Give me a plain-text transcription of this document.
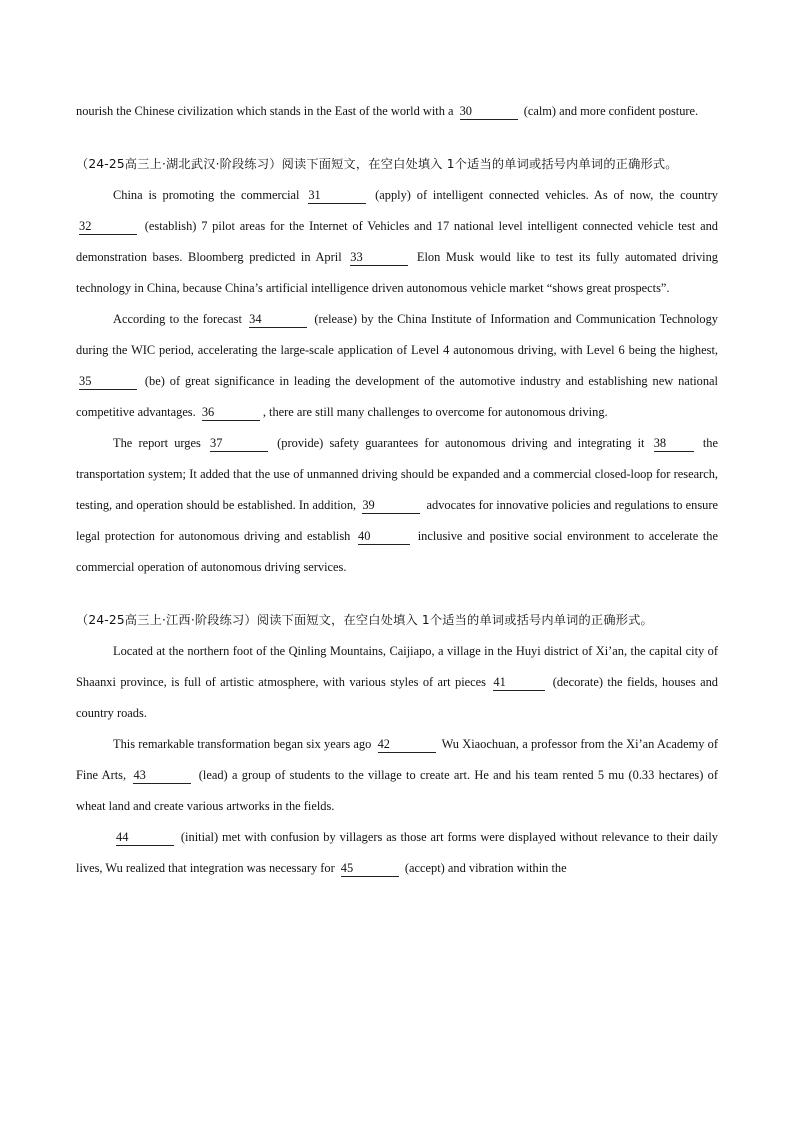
nourish the Chinese civilization which stands in the East of the world with a 30	(calm) and more confident posture.

（24-25高三上·湖北武汉·阶段练习）阅读下面短文，在空白处填入 1个适当的单词或括号内单词的正确形式。

China is promoting the commercial 31	(apply) of intelligent connected vehicles. As of now, the country 32	(establish) 7 pilot areas for the Internet of Vehicles and 17 national level intelligent connected vehicle test and demonstration bases. Bloomberg predicted in April 33	Elon Musk would like to test its fully automated driving technology in China, because China’s artificial intelligence driven autonomous vehicle market “shows great prospects”.

According to the forecast 34	(release) by the China Institute of Information and Communication Technology during the WIC period, accelerating the large-scale application of Level 4 autonomous driving, with Level 6 being the highest, 35	(be) of great significance in leading the development of the automotive industry and establishing new national competitive advantages. 36	, there are still many challenges to overcome for autonomous driving.

The report urges 37	(provide) safety guarantees for autonomous driving and integrating it 38 the transportation system; It added that the use of unmanned driving should be expanded and a commercial closed-loop for research, testing, and operation should be established. In addition, 39	advocates for innovative policies and regulations to ensure legal protection for autonomous driving and establish 40	inclusive and positive social environment to accelerate the commercial operation of autonomous driving services.

（24-25高三上·江西·阶段练习）阅读下面短文，在空白处填入 1个适当的单词或括号内单词的正确形式。

Located at the northern foot of the Qinling Mountains, Caijiapo, a village in the Huyi district of Xi’an, the capital city of Shaanxi province, is full of artistic atmosphere, with various styles of art pieces 41	(decorate) the fields, houses and country roads.

This remarkable transformation began six years ago 42	Wu Xiaochuan, a professor from the Xi’an Academy of Fine Arts, 43	(lead) a group of students to the village to create art. He and his team rented 5 mu (0.33 hectares) of wheat land and create various artworks in the fields.

44	(initial) met with confusion by villagers as those art forms were displayed without relevance to their daily lives, Wu realized that integration was necessary for 45	(accept) and vibration within the
